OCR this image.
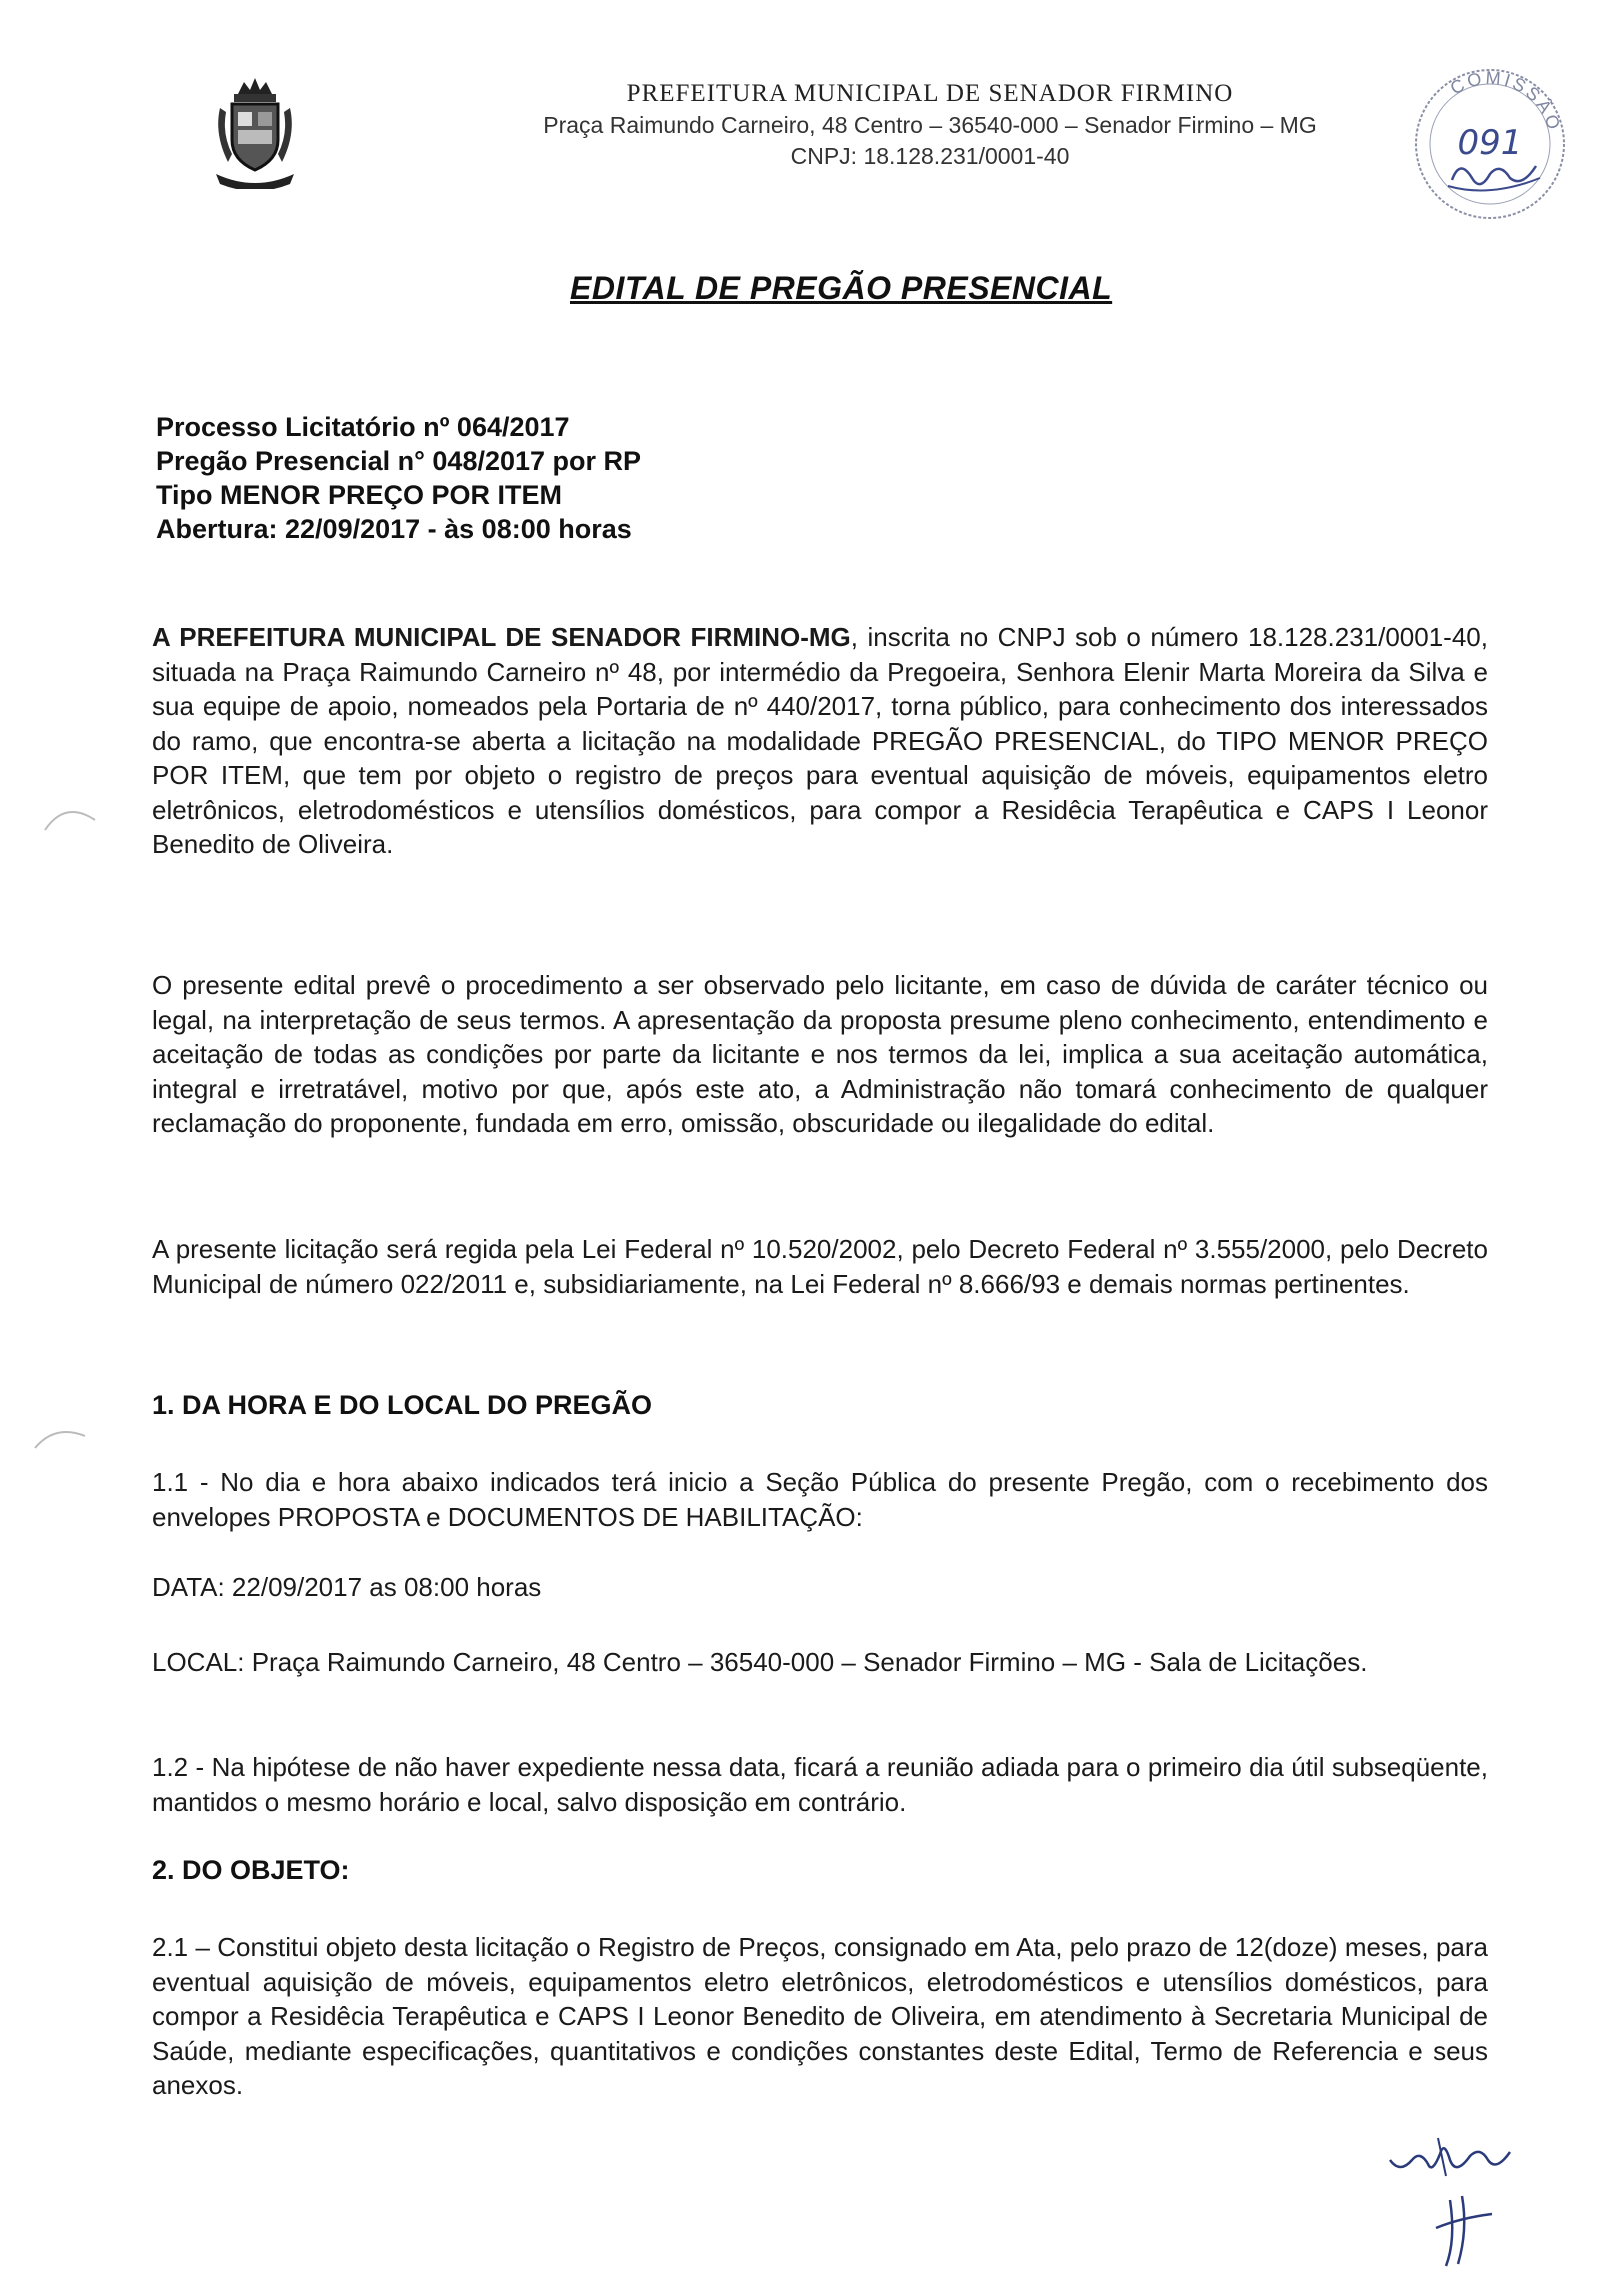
PREFEITURA MUNICIPAL DE SENADOR FIRMINO
Praça Raimundo Carneiro, 48 Centro – 36540-000 – Senador Firmino – MG
CNPJ: 18.128.231/0001-40
COMISSÃO
091
EDITAL DE PREGÃO PRESENCIAL
Processo Licitatório nº 064/2017
Pregão Presencial n° 048/2017 por RP
Tipo MENOR PREÇO POR ITEM
Abertura: 22/09/2017 - às 08:00 horas
A PREFEITURA MUNICIPAL DE SENADOR FIRMINO-MG, inscrita no CNPJ sob o número 18.128.231/0001-40, situada na Praça Raimundo Carneiro nº 48, por intermédio da Pregoeira, Senhora Elenir Marta Moreira da Silva e sua equipe de apoio, nomeados pela Portaria de nº 440/2017, torna público, para conhecimento dos interessados do ramo, que encontra-se aberta a licitação na modalidade PREGÃO PRESENCIAL, do TIPO MENOR PREÇO POR ITEM, que tem por objeto o registro de preços para eventual aquisição de móveis, equipamentos eletro eletrônicos, eletrodomésticos e utensílios domésticos, para compor a Residêcia Terapêutica e CAPS I Leonor Benedito de Oliveira.
O presente edital prevê o procedimento a ser observado pelo licitante, em caso de dúvida de caráter técnico ou legal, na interpretação de seus termos. A apresentação da proposta presume pleno conhecimento, entendimento e aceitação de todas as condições por parte da licitante e nos termos da lei, implica a sua aceitação automática, integral e irretratável, motivo por que, após este ato, a Administração não tomará conhecimento de qualquer reclamação do proponente, fundada em erro, omissão, obscuridade ou ilegalidade do edital.
A presente licitação será regida pela Lei Federal nº 10.520/2002, pelo Decreto Federal nº 3.555/2000, pelo Decreto Municipal de número 022/2011 e, subsidiariamente, na Lei Federal nº 8.666/93 e demais normas pertinentes.
1. DA HORA E DO LOCAL DO PREGÃO
1.1 - No dia e hora abaixo indicados terá inicio a Seção Pública do presente Pregão, com o recebimento dos envelopes PROPOSTA e DOCUMENTOS DE HABILITAÇÃO:
DATA: 22/09/2017 as 08:00 horas
LOCAL: Praça Raimundo Carneiro, 48 Centro – 36540-000 – Senador Firmino – MG - Sala de Licitações.
1.2 - Na hipótese de não haver expediente nessa data, ficará a reunião adiada para o primeiro dia útil subseqüente, mantidos o mesmo horário e local, salvo disposição em contrário.
2. DO OBJETO:
2.1 – Constitui objeto desta licitação o Registro de Preços, consignado em Ata, pelo prazo de 12(doze) meses, para eventual aquisição de móveis, equipamentos eletro eletrônicos, eletrodomésticos e utensílios domésticos, para compor a Residêcia Terapêutica e CAPS I Leonor Benedito de Oliveira, em atendimento à Secretaria Municipal de Saúde, mediante especificações, quantitativos e condições constantes deste Edital, Termo de Referencia e seus anexos.
